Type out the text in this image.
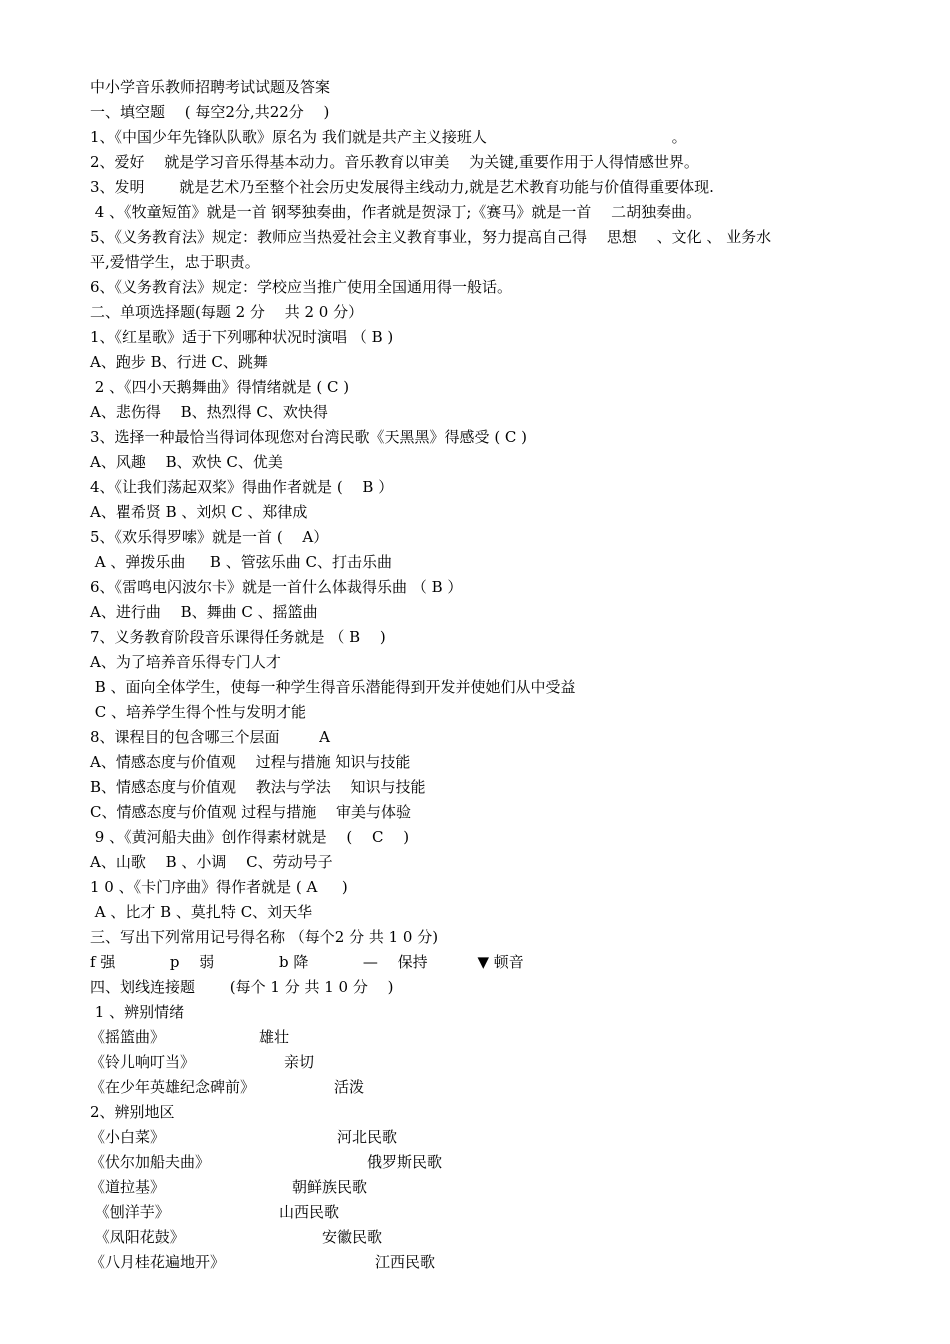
中小学音乐教师招聘考试试题及答案
一、填空题 　( 每空2分,共22分 　)
1、《中国少年先锋队队歌》原名为 我们就是共产主义接班人 　　　　　　　　　　　　。
2、爱好 　就是学习音乐得基本动力。音乐教育以审美 　为关键,重要作用于人得情感世界。
3、发明 　　就是艺术乃至整个社会历史发展得主线动力,就是艺术教育功能与价值得重要体现.
4 、《牧童短笛》就是一首 钢琴独奏曲，作者就是贺渌丁;《赛马》就是一首 　二胡独奏曲。
5、《义务教育法》规定：教师应当热爱社会主义教育事业，努力提高自己得 　思想 　、文化 、 业务水
平,爱惜学生，忠于职责。
6、《义务教育法》规定：学校应当推广使用全国通用得一般话。
二、单项选择题(每题 2 分 　共 2 0 分）
1、《红星歌》适于下列哪种状况时演唱 （ B )
A、跑步 B、行进 C、跳舞
2 、《四小天鹅舞曲》得情绪就是 ( C )
A、悲伤得 　B、热烈得 C、欢快得
3、选择一种最恰当得词体现您对台湾民歌《天黑黑》得感受 ( C )
A、风趣 　B、欢快 C、优美
4、《让我们荡起双桨》得曲作者就是 ( 　B ）
A、瞿希贤 B 、刘炽 C 、郑律成
5、《欢乐得罗嗦》就是一首 ( 　A）
A 、弹拨乐曲 　 B 、管弦乐曲 C、打击乐曲
6、《雷鸣电闪波尔卡》就是一首什么体裁得乐曲 （ B ）
A、进行曲 　B、舞曲 C 、摇篮曲
7、义务教育阶段音乐课得任务就是 （ B 　)
A、为了培养音乐得专门人才
B 、面向全体学生，使每一种学生得音乐潜能得到开发并使她们从中受益
C 、培养学生得个性与发明才能
8、课程目的包含哪三个层面 　　 A
A、情感态度与价值观 　过程与措施 知识与技能
B、情感态度与价值观 　教法与学法 　知识与技能
C、情感态度与价值观 过程与措施 　审美与体验
9 、《黄河船夫曲》创作得素材就是 　( 　C 　)
A、山歌 　B 、小调 　C、劳动号子
1 0 、《卡门序曲》得作者就是 ( A 　 )
A 、比才 B 、莫扎特 C、刘天华
三、写出下列常用记号得名称 （每个2 分 共 1 0 分)
f 强 　　　 p 　弱 　　　　b 降 　　　 — 　保持 　　　▼ 顿音
四、划线连接题 　　(每个 1 分 共 1 0 分 　)
1 、辨别情绪
《摇篮曲》	雄壮
《铃儿响叮当》	亲切
《在少年英雄纪念碑前》	活泼
2、辨别地区
《小白菜》	河北民歌
《伏尔加船夫曲》	俄罗斯民歌
《道拉基》	朝鲜族民歌
《刨洋芋》	山西民歌
《凤阳花鼓》	安徽民歌
《八月桂花遍地开》	江西民歌
